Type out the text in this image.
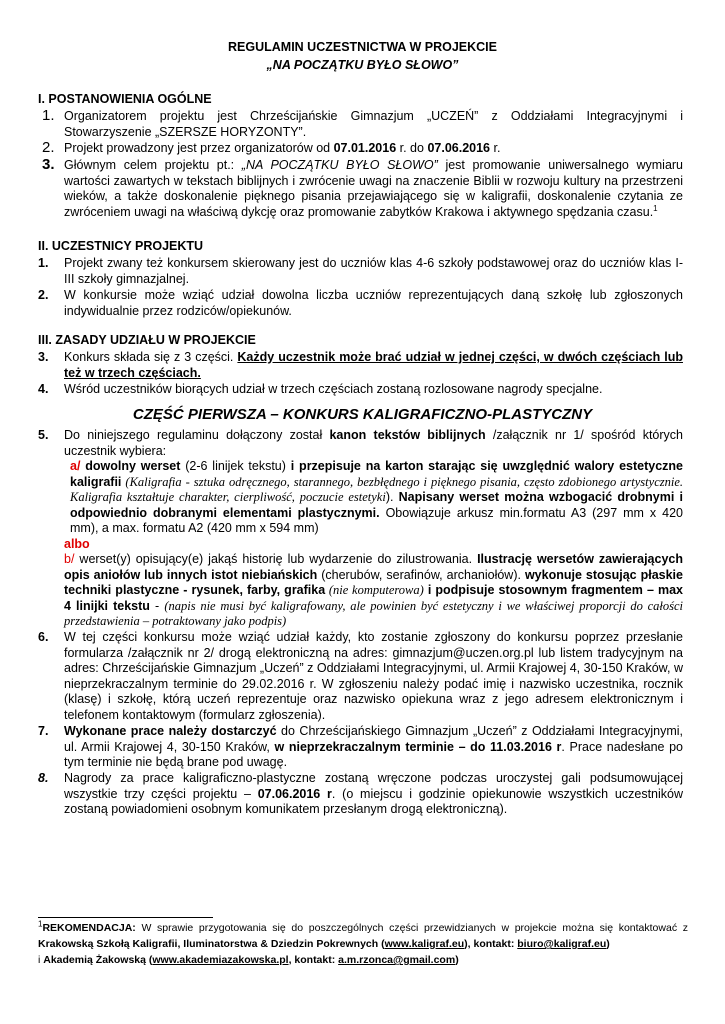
REGULAMIN UCZESTNICTWA W PROJEKCIE
„NA POCZĄTKU BYŁO SŁOWO”
I. POSTANOWIENIA OGÓLNE
1. Organizatorem projektu jest Chrześcijańskie Gimnazjum „UCZEŃ” z Oddziałami Integracyjnymi i Stowarzyszenie „SZERSZE HORYZONTY”.
2. Projekt prowadzony jest przez organizatorów od 07.01.2016 r. do 07.06.2016 r.
3. Głównym celem projektu pt.: „NA POCZĄTKU BYŁO SŁOWO” jest promowanie uniwersalnego wymiaru wartości zawartych w tekstach biblijnych i zwrócenie uwagi na znaczenie Biblii w rozwoju kultury na przestrzeni wieków, a także doskonalenie pięknego pisania przejawiającego się w kaligrafii, doskonalenie czytania ze zwróceniem uwagi na właściwą dykcję oraz promowanie zabytków Krakowa i aktywnego spędzania czasu.$^1$
II. UCZESTNICY PROJEKTU
1.	Projekt zwany też konkursem skierowany jest do uczniów klas 4-6 szkoły podstawowej oraz do uczniów klas I-III szkoły gimnazjalnej.
2.	W konkursie może wziąć udział dowolna liczba uczniów reprezentujących daną szkołę lub zgłoszonych indywidualnie przez rodziców/opiekunów.
III. ZASADY UDZIAŁU W PROJEKCIE
3.	Konkurs składa się z 3 części. Każdy uczestnik może brać udział w jednej części, w dwóch częściach lub też w trzech częściach.
4.	Wśród uczestników biorących udział w trzech częściach zostaną rozlosowane nagrody specjalne.
CZĘŚĆ PIERWSZA – KONKURS KALIGRAFICZNO-PLASTYCZNY
5.	Do niniejszego regulaminu dołączony został kanon tekstów biblijnych /załącznik nr 1/ spośród których uczestnik wybiera:
a/ dowolny werset (2-6 linijek tekstu) i przepisuje na karton starając się uwzględnić walory estetyczne kaligrafii (Kaligrafia - sztuka odręcznego, starannego, bezbłędnego i pięknego pisania, często zdobionego artystycznie. Kaligrafia kształtuje charakter, cierpliwość, poczucie estetyki). Napisany werset można wzbogacić drobnymi i odpowiednio dobranymi elementami plastycznymi. Obowiązuje arkusz min.formatu A3 (297 mm x 420 mm), a max. formatu A2 (420 mm x 594 mm)
albo
b/ werset(y) opisujący(e) jakąś historię lub wydarzenie do zilustrowania. Ilustrację wersetów zawierających opis aniołów lub innych istot niebiańskich (cherubów, serafinów, archaniołów). wykonuje stosując płaskie techniki plastyczne - rysunek, farby, grafika (nie komputerowa) i podpisuje stosownym fragmentem – max 4 linijki tekstu - (napis nie musi być kaligrafowany, ale powinien być estetyczny i we właściwej proporcji do całości przedstawienia – potraktowany jako podpis)
6.	W tej części konkursu może wziąć udział każdy, kto zostanie zgłoszony do konkursu poprzez przesłanie formularza /załącznik nr 2/ drogą elektroniczną na adres: gimnazjum@uczen.org.pl lub listem tradycyjnym na adres: Chrześcijańskie Gimnazjum „Uczeń” z Oddziałami Integracyjnymi, ul. Armii Krajowej 4, 30-150 Kraków, w nieprzekraczalnym terminie do 29.02.2016 r. W zgłoszeniu należy podać imię i nazwisko uczestnika, rocznik (klasę) i szkołę, którą uczeń reprezentuje oraz nazwisko opiekuna wraz z jego adresem elektronicznym i telefonem kontaktowym (formularz zgłoszenia).
7.	Wykonane prace należy dostarczyć do Chrześcijańskiego Gimnazjum „Uczeń” z Oddziałami Integracyjnymi, ul. Armii Krajowej 4, 30-150 Kraków, w nieprzekraczalnym terminie – do 11.03.2016 r. Prace nadesłane po tym terminie nie będą brane pod uwagę.
8.	Nagrody za prace kaligraficzno-plastyczne zostaną wręczone podczas uroczystej gali podsumowującej wszystkie trzy części projektu – 07.06.2016 r. (o miejscu i godzinie opiekunowie wszystkich uczestników zostaną powiadomieni osobnym komunikatem przesłanym drogą elektroniczną).
$^1$REKOMENDACJA: W sprawie przygotowania się do poszczególnych części przewidzianych w projekcie można się kontaktować z Krakowską Szkołą Kaligrafii, Iluminatorstwa & Dziedzin Pokrewnych (www.kaligraf.eu), kontakt: biuro@kaligraf.eu)
i Akademią Żakowską (www.akademiazakowska.pl, kontakt: a.m.rzonca@gmail.com)
